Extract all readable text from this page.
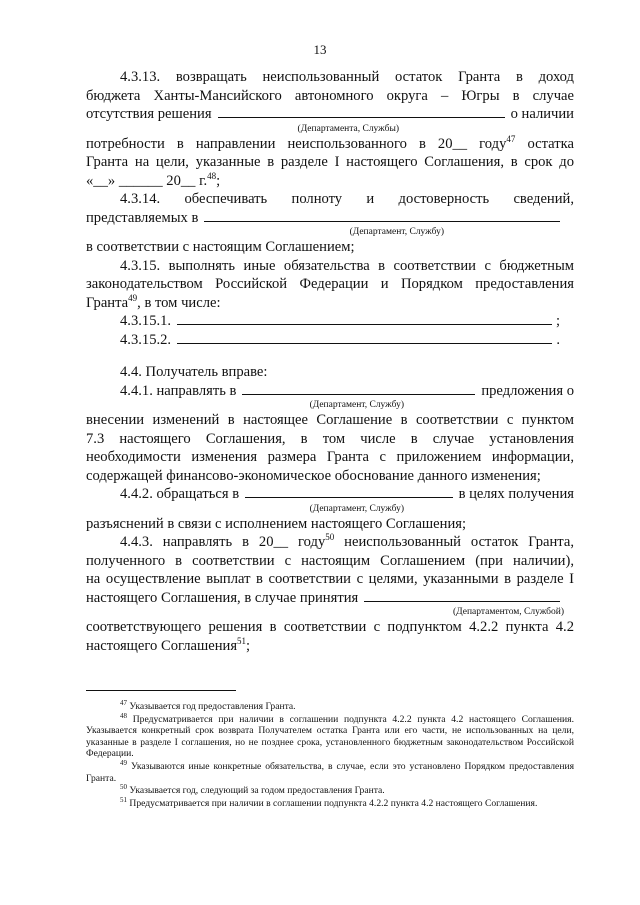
13

4.3.13. возвращать неиспользованный остаток Гранта в доход

бюджета Ханты-Мансийского автономного округа – Югры в случае

отсутствия решения	о наличии
(Департамента, Службы)

потребности в направлении неиспользованного в 20__ году$^{47}$ остатка

Гранта на цели, указанные в разделе I настоящего Соглашения, в срок до

«__» ______ 20__ г.$^{48}$;

4.3.14. обеспечивать полноту и достоверность сведений,

представляемых в
(Департамент, Службу)

в соответствии с настоящим Соглашением;

4.3.15. выполнять иные обязательства в соответствии с бюджетным

законодательством Российской Федерации и Порядком предоставления

Гранта$^{49}$, в том числе:

4.3.15.1.	;
4.3.15.2.	.

4.4. Получатель вправе:

4.4.1. направлять в	предложения о
(Департамент, Службу)

внесении изменений в настоящее Соглашение в соответствии с пунктом

7.3 настоящего Соглашения, в том числе в случае установления

необходимости изменения размера Гранта с приложением информации,

содержащей финансово-экономическое обоснование данного изменения;

4.4.2. обращаться в	в целях получения
(Департамент, Службу)

разъяснений в связи с исполнением настоящего Соглашения;

4.4.3. направлять в 20__ году$^{50}$ неиспользованный остаток Гранта,

полученного в соответствии с настоящим Соглашением (при наличии),

на осуществление выплат в соответствии с целями, указанными в разделе I

настоящего Соглашения, в случае принятия
(Департаментом, Службой)

соответствующего решения в соответствии с подпунктом 4.2.2 пункта 4.2

настоящего Соглашения$^{51}$;

$^{47}$ Указывается год предоставления Гранта.

$^{48}$ Предусматривается при наличии в соглашении подпункта 4.2.2 пункта 4.2 настоящего Соглашения. Указывается конкретный срок возврата Получателем остатка Гранта или его части, не использованных на цели, указанные в разделе I соглашения, но не позднее срока, установленного бюджетным законодательством Российской Федерации.

$^{49}$ Указываются иные конкретные обязательства, в случае, если это установлено Порядком предоставления Гранта.

$^{50}$ Указывается год, следующий за годом предоставления Гранта.

$^{51}$ Предусматривается при наличии в соглашении подпункта 4.2.2 пункта 4.2 настоящего Соглашения.
